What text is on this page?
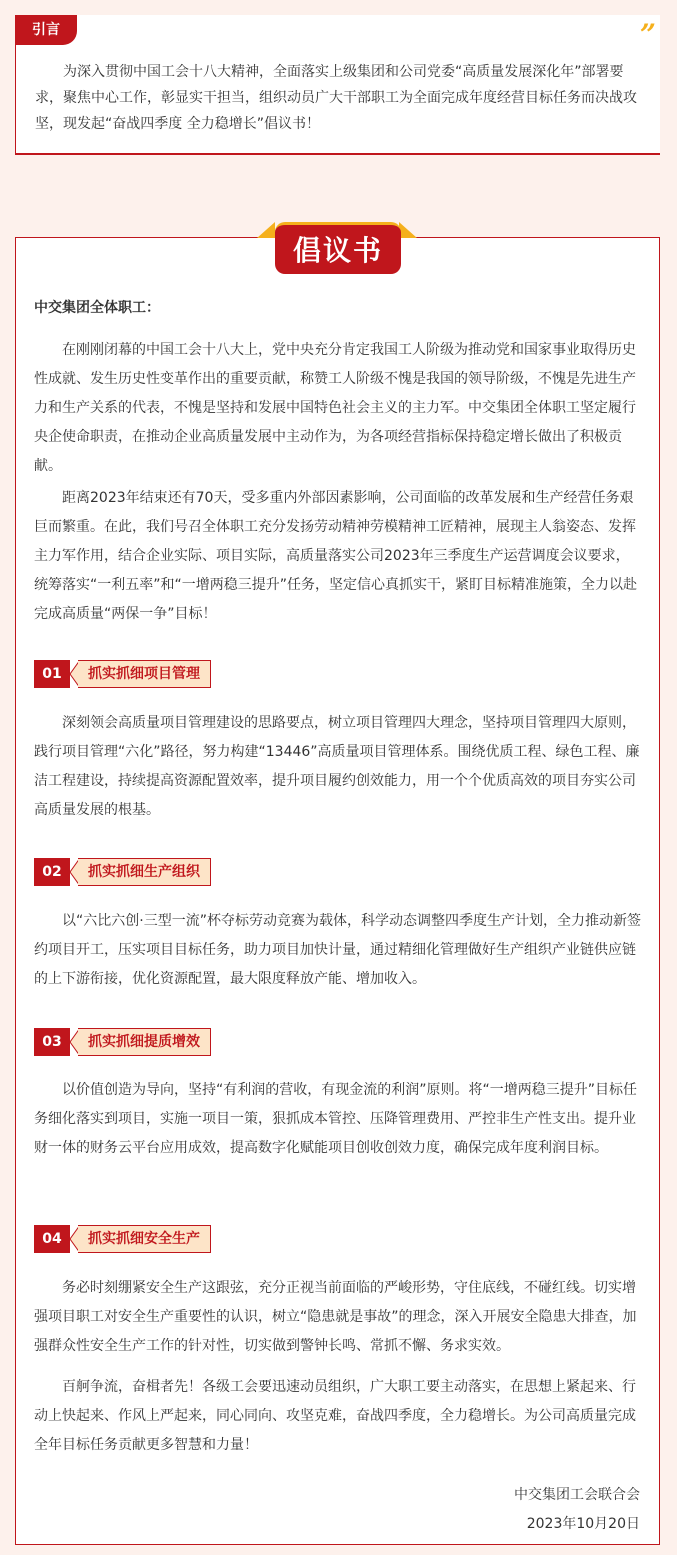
引言	”

为深入贯彻中国工会十八大精神，全面落实上级集团和公司党委“高质量发展深化年”部署要求，聚焦中心工作，彰显实干担当，组织动员广大干部职工为全面完成年度经营目标任务而决战攻坚，现发起“奋战四季度 全力稳增长”倡议书！

倡议书

中交集团全体职工：

在刚刚闭幕的中国工会十八大上，党中央充分肯定我国工人阶级为推动党和国家事业取得历史性成就、发生历史性变革作出的重要贡献，称赞工人阶级不愧是我国的领导阶级，不愧是先进生产力和生产关系的代表，不愧是坚持和发展中国特色社会主义的主力军。中交集团全体职工坚定履行央企使命职责，在推动企业高质量发展中主动作为，为各项经营指标保持稳定增长做出了积极贡献。

距离2023年结束还有70天，受多重内外部因素影响，公司面临的改革发展和生产经营任务艰巨而繁重。在此，我们号召全体职工充分发扬劳动精神劳模精神工匠精神，展现主人翁姿态、发挥主力军作用，结合企业实际、项目实际，高质量落实公司2023年三季度生产运营调度会议要求，统筹落实“一利五率”和“一增两稳三提升”任务，坚定信心真抓实干，紧盯目标精准施策，全力以赴完成高质量“两保一争”目标！

01	抓实抓细项目管理

深刻领会高质量项目管理建设的思路要点，树立项目管理四大理念，坚持项目管理四大原则，践行项目管理“六化”路径，努力构建“13446”高质量项目管理体系。围绕优质工程、绿色工程、廉洁工程建设，持续提高资源配置效率，提升项目履约创效能力，用一个个优质高效的项目夯实公司高质量发展的根基。

02	抓实抓细生产组织

以“六比六创·三型一流”杯夺标劳动竞赛为载体，科学动态调整四季度生产计划，全力推动新签约项目开工，压实项目目标任务，助力项目加快计量，通过精细化管理做好生产组织产业链供应链的上下游衔接，优化资源配置，最大限度释放产能、增加收入。

03	抓实抓细提质增效

以价值创造为导向，坚持“有利润的营收，有现金流的利润”原则。将“一增两稳三提升”目标任务细化落实到项目，实施一项目一策，狠抓成本管控、压降管理费用、严控非生产性支出。提升业财一体的财务云平台应用成效，提高数字化赋能项目创收创效力度，确保完成年度利润目标。

04	抓实抓细安全生产

务必时刻绷紧安全生产这跟弦，充分正视当前面临的严峻形势，守住底线，不碰红线。切实增强项目职工对安全生产重要性的认识，树立“隐患就是事故”的理念，深入开展安全隐患大排查，加强群众性安全生产工作的针对性，切实做到警钟长鸣、常抓不懈、务求实效。

百舸争流，奋楫者先！各级工会要迅速动员组织，广大职工要主动落实，在思想上紧起来、行动上快起来、作风上严起来，同心同向、攻坚克难，奋战四季度，全力稳增长。为公司高质量完成全年目标任务贡献更多智慧和力量！

中交集团工会联合会
2023年10月20日
